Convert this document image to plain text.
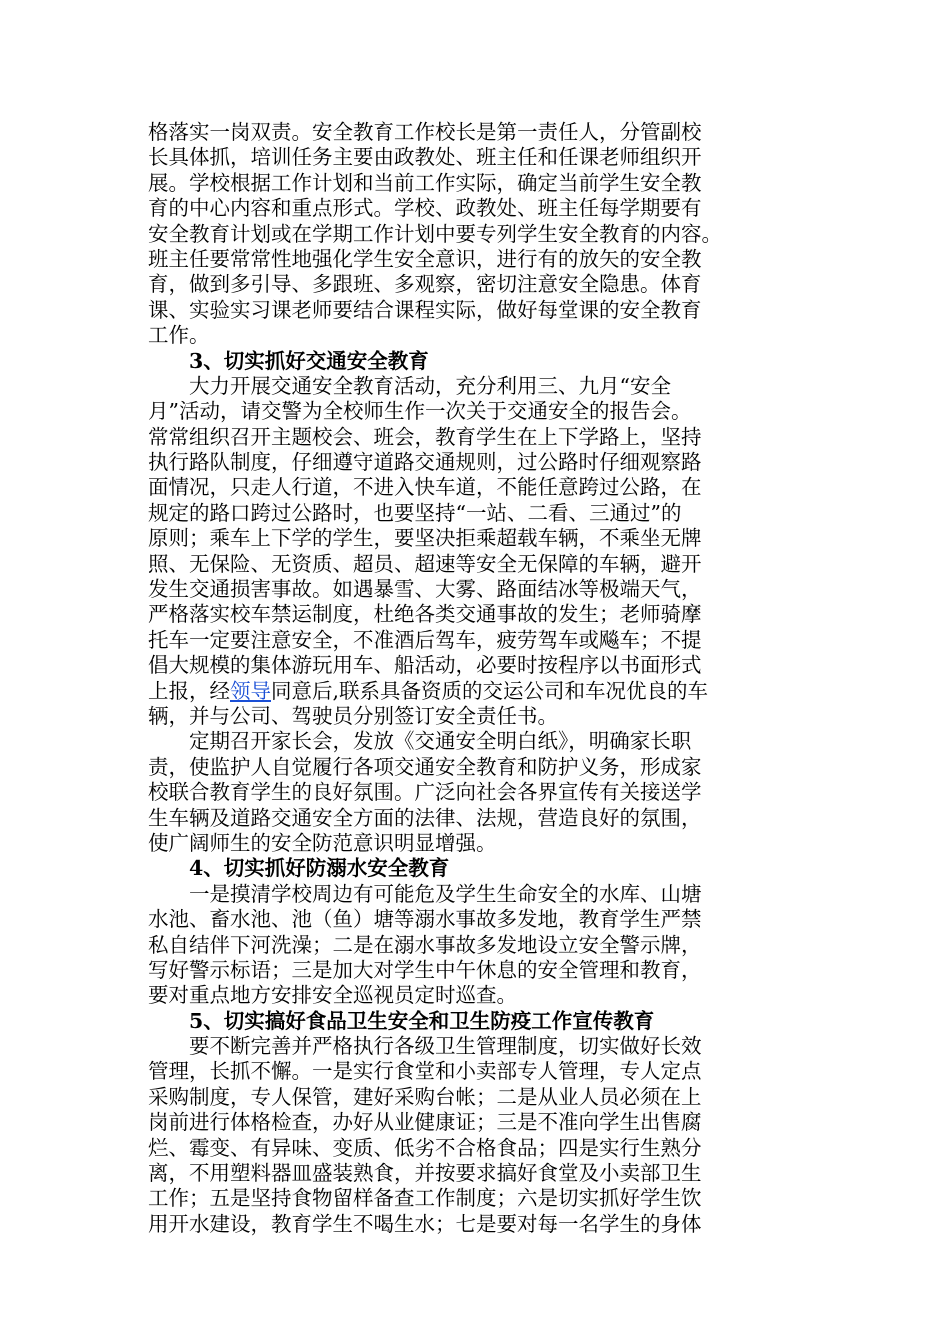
格落实一岗双责。安全教育工作校长是第一责任人，分管副校
长具体抓，培训任务主要由政教处、班主任和任课老师组织开
展。学校根据工作计划和当前工作实际，确定当前学生安全教
育的中心内容和重点形式。学校、政教处、班主任每学期要有
安全教育计划或在学期工作计划中要专列学生安全教育的内容。
班主任要常常性地强化学生安全意识，进行有的放矢的安全教
育，做到多引导、多跟班、多观察，密切注意安全隐患。体育
课、实验实习课老师要结合课程实际，做好每堂课的安全教育
工作。
3、切实抓好交通安全教育
大力开展交通安全教育活动，充分利用三、九月“安全
月”活动，请交警为全校师生作一次关于交通安全的报告会。
常常组织召开主题校会、班会，教育学生在上下学路上，坚持
执行路队制度，仔细遵守道路交通规则，过公路时仔细观察路
面情况，只走人行道，不进入快车道，不能任意跨过公路，在
规定的路口跨过公路时，也要坚持“一站、二看、三通过”的
原则；乘车上下学的学生，要坚决拒乘超载车辆，不乘坐无牌
照、无保险、无资质、超员、超速等安全无保障的车辆，避开
发生交通损害事故。如遇暴雪、大雾、路面结冰等极端天气，
严格落实校车禁运制度，杜绝各类交通事故的发生；老师骑摩
托车一定要注意安全，不准酒后驾车，疲劳驾车或飚车；不提
倡大规模的集体游玩用车、船活动，必要时按程序以书面形式
上报，经领导同意后,联系具备资质的交运公司和车况优良的车
辆，并与公司、驾驶员分别签订安全责任书。
定期召开家长会，发放《交通安全明白纸》，明确家长职
责，使监护人自觉履行各项交通安全教育和防护义务，形成家
校联合教育学生的良好氛围。广泛向社会各界宣传有关接送学
生车辆及道路交通安全方面的法律、法规，营造良好的氛围，
使广阔师生的安全防范意识明显增强。
4、切实抓好防溺水安全教育
一是摸清学校周边有可能危及学生生命安全的水库、山塘
水池、畜水池、池（鱼）塘等溺水事故多发地，教育学生严禁
私自结伴下河洗澡；二是在溺水事故多发地设立安全警示牌，
写好警示标语；三是加大对学生中午休息的安全管理和教育，
要对重点地方安排安全巡视员定时巡查。
5、切实搞好食品卫生安全和卫生防疫工作宣传教育
要不断完善并严格执行各级卫生管理制度，切实做好长效
管理，长抓不懈。一是实行食堂和小卖部专人管理，专人定点
采购制度，专人保管，建好采购台帐；二是从业人员必须在上
岗前进行体格检查，办好从业健康证；三是不准向学生出售腐
烂、霉变、有异味、变质、低劣不合格食品；四是实行生熟分
离，不用塑料器皿盛装熟食，并按要求搞好食堂及小卖部卫生
工作；五是坚持食物留样备查工作制度；六是切实抓好学生饮
用开水建设，教育学生不喝生水；七是要对每一名学生的身体
